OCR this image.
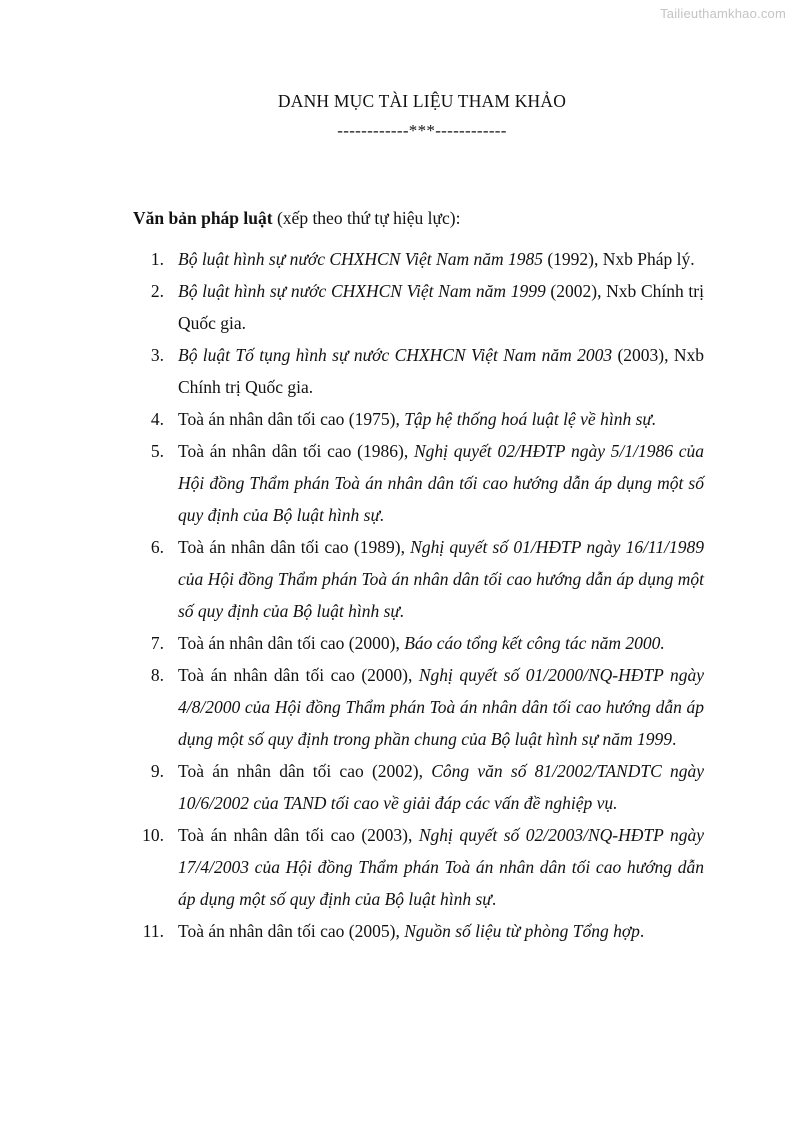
Tailieuthamkhao.com
DANH MỤC TÀI LIỆU THAM KHẢO
------------***------------
Văn bản pháp luật (xếp theo thứ tự hiệu lực):
1. Bộ luật hình sự nước CHXHCN Việt Nam năm 1985 (1992), Nxb Pháp lý.
2. Bộ luật hình sự nước CHXHCN Việt Nam năm 1999 (2002), Nxb Chính trị Quốc gia.
3. Bộ luật Tố tụng hình sự nước CHXHCN Việt Nam năm 2003 (2003), Nxb Chính trị Quốc gia.
4. Toà án nhân dân tối cao (1975), Tập hệ thống hoá luật lệ về hình sự.
5. Toà án nhân dân tối cao (1986), Nghị quyết 02/HĐTP ngày 5/1/1986 của Hội đồng Thẩm phán Toà án nhân dân tối cao hướng dẫn áp dụng một số quy định của Bộ luật hình sự.
6. Toà án nhân dân tối cao (1989), Nghị quyết số 01/HĐTP ngày 16/11/1989 của Hội đồng Thẩm phán Toà án nhân dân tối cao hướng dẫn áp dụng một số quy định của Bộ luật hình sự.
7. Toà án nhân dân tối cao (2000), Báo cáo tổng kết công tác năm 2000.
8. Toà án nhân dân tối cao (2000), Nghị quyết số 01/2000/NQ-HĐTP ngày 4/8/2000 của Hội đồng Thẩm phán Toà án nhân dân tối cao hướng dẫn áp dụng một số quy định trong phần chung của Bộ luật hình sự năm 1999.
9. Toà án nhân dân tối cao (2002), Công văn số 81/2002/TANDTC ngày 10/6/2002 của TAND tối cao về giải đáp các vấn đề nghiệp vụ.
10. Toà án nhân dân tối cao (2003), Nghị quyết số 02/2003/NQ-HĐTP ngày 17/4/2003 của Hội đồng Thẩm phán Toà án nhân dân tối cao hướng dẫn áp dụng một số quy định của Bộ luật hình sự.
11. Toà án nhân dân tối cao (2005), Nguồn số liệu từ phòng Tổng hợp.
